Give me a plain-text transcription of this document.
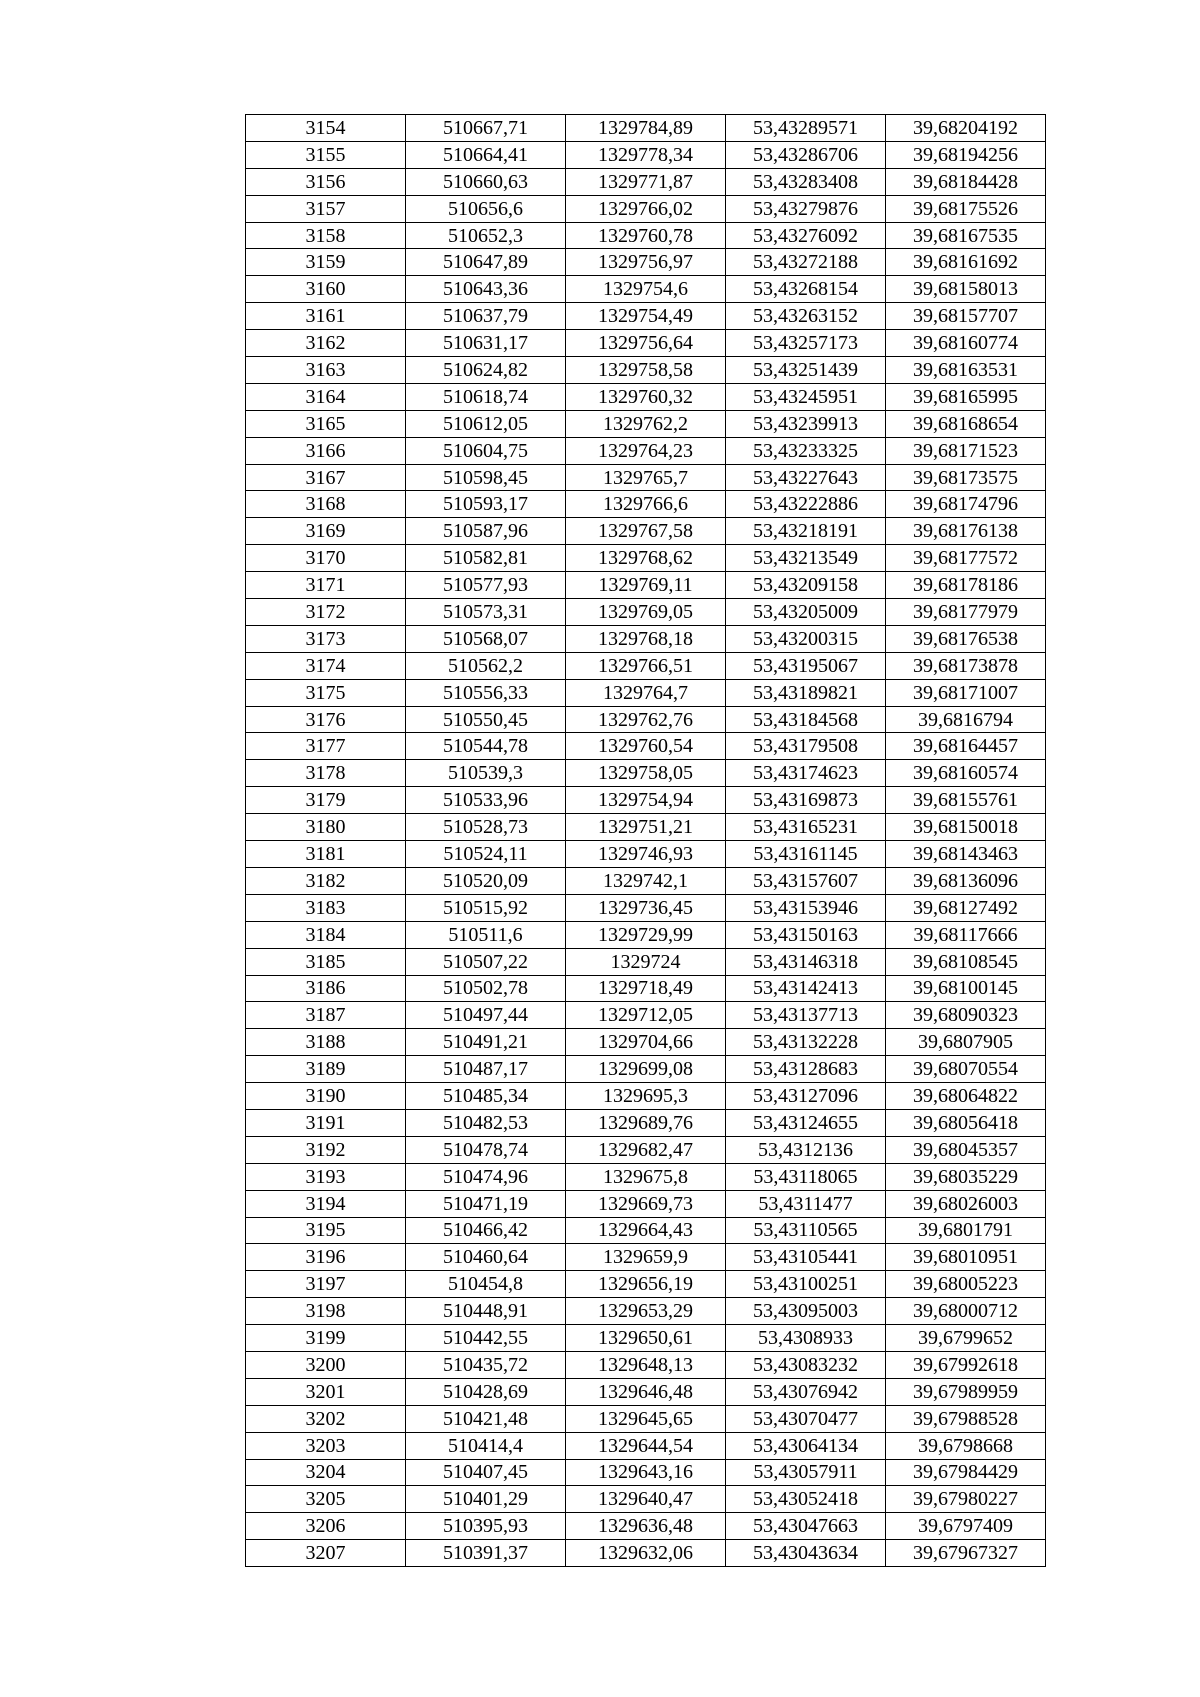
3154	510667,71	1329784,89	53,43289571	39,68204192
3155	510664,41	1329778,34	53,43286706	39,68194256
3156	510660,63	1329771,87	53,43283408	39,68184428
3157	510656,6	1329766,02	53,43279876	39,68175526
3158	510652,3	1329760,78	53,43276092	39,68167535
3159	510647,89	1329756,97	53,43272188	39,68161692
3160	510643,36	1329754,6	53,43268154	39,68158013
3161	510637,79	1329754,49	53,43263152	39,68157707
3162	510631,17	1329756,64	53,43257173	39,68160774
3163	510624,82	1329758,58	53,43251439	39,68163531
3164	510618,74	1329760,32	53,43245951	39,68165995
3165	510612,05	1329762,2	53,43239913	39,68168654
3166	510604,75	1329764,23	53,43233325	39,68171523
3167	510598,45	1329765,7	53,43227643	39,68173575
3168	510593,17	1329766,6	53,43222886	39,68174796
3169	510587,96	1329767,58	53,43218191	39,68176138
3170	510582,81	1329768,62	53,43213549	39,68177572
3171	510577,93	1329769,11	53,43209158	39,68178186
3172	510573,31	1329769,05	53,43205009	39,68177979
3173	510568,07	1329768,18	53,43200315	39,68176538
3174	510562,2	1329766,51	53,43195067	39,68173878
3175	510556,33	1329764,7	53,43189821	39,68171007
3176	510550,45	1329762,76	53,43184568	39,6816794
3177	510544,78	1329760,54	53,43179508	39,68164457
3178	510539,3	1329758,05	53,43174623	39,68160574
3179	510533,96	1329754,94	53,43169873	39,68155761
3180	510528,73	1329751,21	53,43165231	39,68150018
3181	510524,11	1329746,93	53,43161145	39,68143463
3182	510520,09	1329742,1	53,43157607	39,68136096
3183	510515,92	1329736,45	53,43153946	39,68127492
3184	510511,6	1329729,99	53,43150163	39,68117666
3185	510507,22	1329724	53,43146318	39,68108545
3186	510502,78	1329718,49	53,43142413	39,68100145
3187	510497,44	1329712,05	53,43137713	39,68090323
3188	510491,21	1329704,66	53,43132228	39,6807905
3189	510487,17	1329699,08	53,43128683	39,68070554
3190	510485,34	1329695,3	53,43127096	39,68064822
3191	510482,53	1329689,76	53,43124655	39,68056418
3192	510478,74	1329682,47	53,4312136	39,68045357
3193	510474,96	1329675,8	53,43118065	39,68035229
3194	510471,19	1329669,73	53,4311477	39,68026003
3195	510466,42	1329664,43	53,43110565	39,6801791
3196	510460,64	1329659,9	53,43105441	39,68010951
3197	510454,8	1329656,19	53,43100251	39,68005223
3198	510448,91	1329653,29	53,43095003	39,68000712
3199	510442,55	1329650,61	53,4308933	39,6799652
3200	510435,72	1329648,13	53,43083232	39,67992618
3201	510428,69	1329646,48	53,43076942	39,67989959
3202	510421,48	1329645,65	53,43070477	39,67988528
3203	510414,4	1329644,54	53,43064134	39,6798668
3204	510407,45	1329643,16	53,43057911	39,67984429
3205	510401,29	1329640,47	53,43052418	39,67980227
3206	510395,93	1329636,48	53,43047663	39,6797409
3207	510391,37	1329632,06	53,43043634	39,67967327
